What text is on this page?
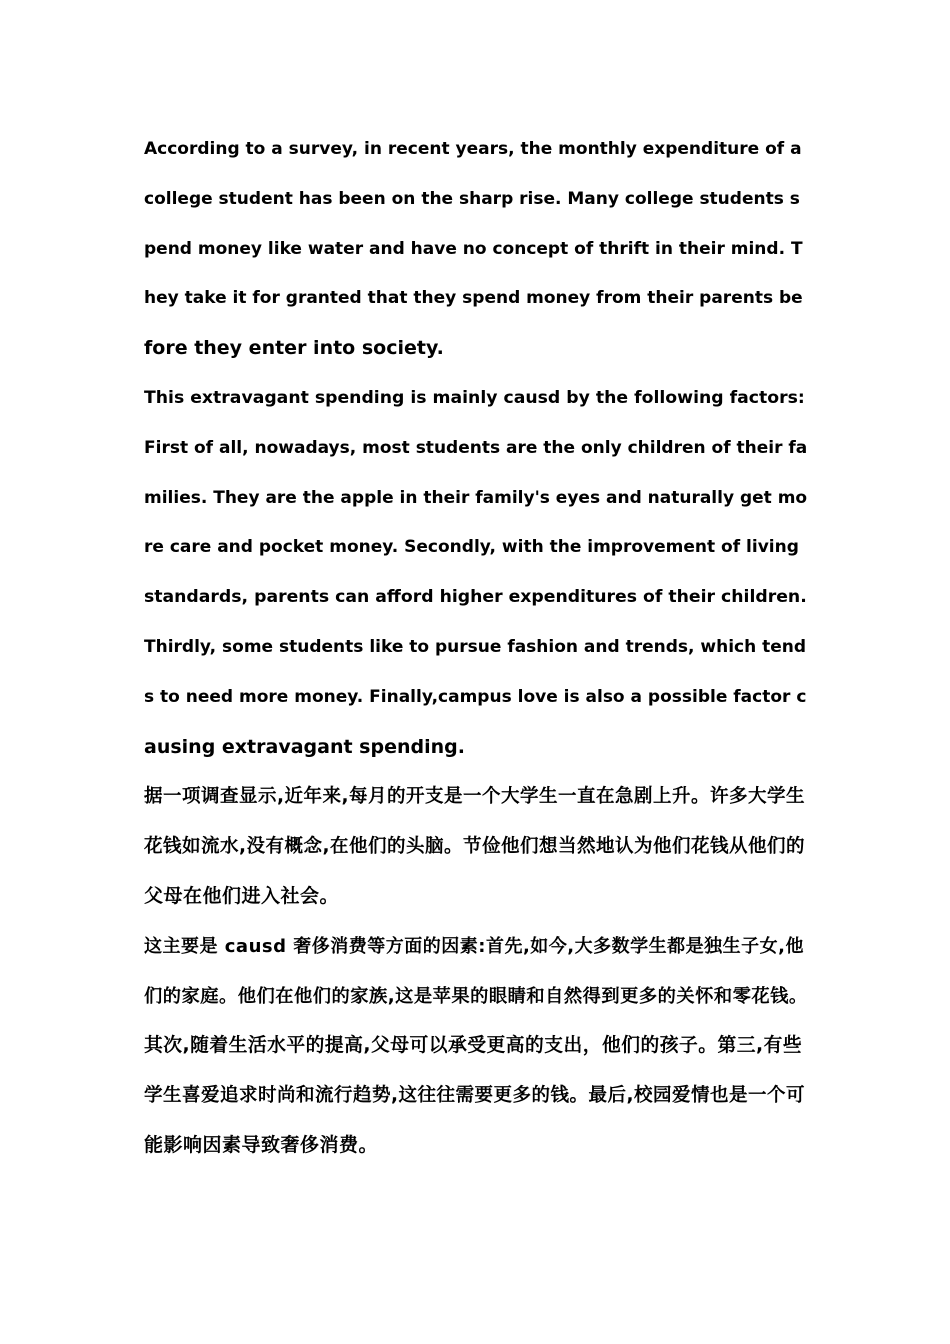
According to a survey, in recent years, the monthly expenditure of a
college student has been on the sharp rise. Many college students s
pend money like water and have no concept of thrift in their mind. T
hey take it for granted that they spend money from their parents be
fore they enter into society.
This extravagant spending is mainly causd by the following factors:
First of all, nowadays, most students are the only children of their fa
milies. They are the apple in their family's eyes and naturally get mo
re care and pocket money. Secondly, with the improvement of living
standards, parents can afford higher expenditures of their children.
Thirdly, some students like to pursue fashion and trends, which tend
s to need more money. Finally,campus love is also a possible factor c
ausing extravagant spending.
据一项调查显示,近年来,每月的开支是一个大学生一直在急剧上升。许多大学生
花钱如流水,没有概念,在他们的头脑。节俭他们想当然地认为他们花钱从他们的
父母在他们进入社会。
这主要是 causd 奢侈消费等方面的因素:首先,如今,大多数学生都是独生子女,他
们的家庭。他们在他们的家族,这是苹果的眼睛和自然得到更多的关怀和零花钱。
其次,随着生活水平的提高,父母可以承受更高的支出，他们的孩子。第三,有些
学生喜爱追求时尚和流行趋势,这往往需要更多的钱。最后,校园爱情也是一个可
能影响因素导致奢侈消费。
